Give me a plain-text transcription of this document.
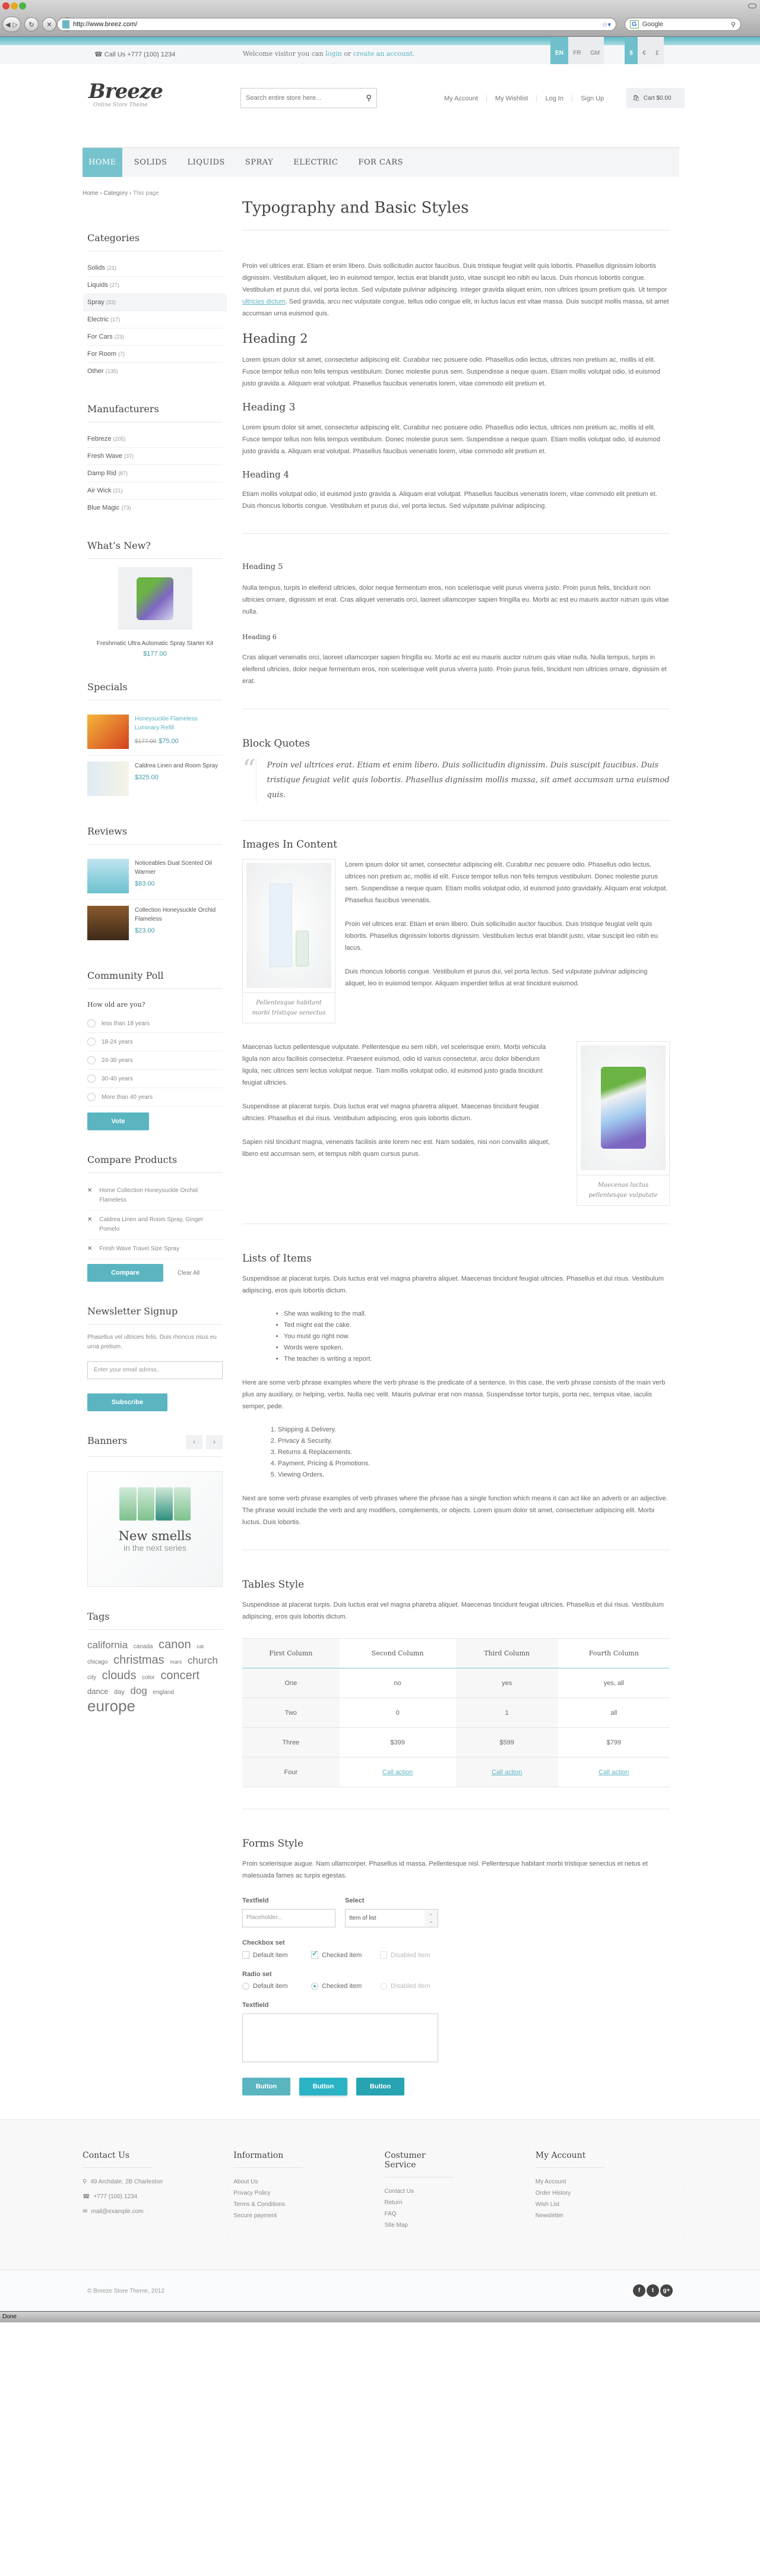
◀ ▷	↻	✕	http://www.breez.com/	☆▾	G Google	⚲
☎ Call Us +777 (100) 1234	Welcome visitor you can login or create an account.	EN	FR	GM	$	€	£
Breeze
Online Store Theme
Search entire store here...	⚲	My Account	My Wishlist	Log In	Sign Up	🛍 Cart $0.00
HOME	SOLIDS	LIQUIDS	SPRAY	ELECTRIC	FOR CARS
Home › Category › This page
Categories
Solids (21)
Liquids (27)
Spray (33)
Electric (17)
For Cars (23)
For Room (7)
Other (135)
Manufacturers
Febreze (205)
Fresh Wave (37)
Damp Rid (87)
Air Wick (21)
Blue Magic (73)
What’s New?
Freshmatic Ultra Automatic Spray Starter Kit
$177.00
Specials
Honeysuckle Flameless Luminary Refill
$177.00 $75.00
Caldrea Linen and Room Spray
$325.00
Reviews
Noticeables Dual Scented Oil Warmer
$83.00
Collection Honeysuckle Orchid Flameless
$23.00
Community Poll
How old are you?
less than 18 years
18-24 years
24-30 years
30-40 years
More than 40 years
Vote
Compare Products
✕ Home Collection Honeysuckle Orchid Flameless
✕ Caldrea Linen and Room Spray, Ginger Pomelo
✕ Fresh Wave Travel Size Spray
Compare	Clear All
Newsletter Signup
Phasellus vel ultricies felis. Duis rhoncus risus eu urna pretium.
Enter your email adress..
Subscribe
Banners	‹	›
New smells
in the next series
Tags
california canada canon cat chicago christmas mars church city clouds color concert dance day dog england europe
Typography and Basic Styles

Proin vel ultrices erat. Etiam et enim libero. Duis sollicitudin auctor faucibus. Duis tristique feugiat velit quis lobortis. Phasellus dignissim lobortis dignissim. Vestibulum aliquet, leo in euismod tempor, lectus erat blandit justo, vitae suscipit leo nibh eu lacus. Duis rhoncus lobortis congue. Vestibulum et purus dui, vel porta lectus. Sed vulputate pulvinar adipiscing. Integer gravida aliquet enim, non ultrices ipsum pretium quis. Ut tempor ultricies dictum. Sed gravida, arcu nec vulputate congue, tellus odio congue elit, in luctus lacus est vitae massa. Duis suscipit mollis massa, sit amet accumsan urna euismod quis.

Heading 2

Lorem ipsum dolor sit amet, consectetur adipiscing elit. Curabitur nec posuere odio. Phasellus odio lectus, ultrices non pretium ac, mollis id elit. Fusce tempor tellus non felis tempus vestibulum. Donec molestie purus sem. Suspendisse a neque quam. Etiam mollis volutpat odio, id euismod justo gravida a. Aliquam erat volutpat. Phasellus faucibus venenatis lorem, vitae commodo elit pretium et.

Heading 3

Lorem ipsum dolor sit amet, consectetur adipiscing elit. Curabitur nec posuere odio. Phasellus odio lectus, ultrices non pretium ac, mollis id elit. Fusce tempor tellus non felis tempus vestibulum. Donec molestie purus sem. Suspendisse a neque quam. Etiam mollis volutpat odio, id euismod justo gravida a. Aliquam erat volutpat. Phasellus faucibus venenatis lorem, vitae commodo elit pretium et.

Heading 4

Etiam mollis volutpat odio, id euismod justo gravida a. Aliquam erat volutpat. Phasellus faucibus venenatis lorem, vitae commodo elit pretium et. Duis rhoncus lobortis congue. Vestibulum et purus dui, vel porta lectus. Sed vulputate pulvinar adipiscing.

Heading 5

Nulla tempus, turpis in eleifend ultricies, dolor neque fermentum eros, non scelerisque velit purus viverra justo. Proin purus felis, tincidunt non ultricies ornare, dignissim et erat. Cras aliquet venenatis orci, laoreet ullamcorper sapien fringilla eu. Morbi ac est eu mauris auctor rutrum quis vitae nulla.

Heading 6

Cras aliquet venenatis orci, laoreet ullamcorper sapien fringilla eu. Morbi ac est eu mauris auctor rutrum quis vitae nulla. Nulla tempus, turpis in eleifend ultricies, dolor neque fermentum eros, non scelerisque velit purus viverra justo. Proin purus felis, tincidunt non ultricies ornare, dignissim et erat.

Block Quotes
“	Proin vel ultrices erat. Etiam et enim libero. Duis sollicitudin dignissim. Duis suscipit faucibus. Duis tristique feugiat velit quis lobortis. Phasellus dignissim mollis massa, sit amet accumsan urna euismod quis.
Images In Content
Pellentesque habitant morbi tristique senectus

Lorem ipsum dolor sit amet, consectetur adipiscing elit. Curabitur nec posuere odio. Phasellus odio lectus, ultrices non pretium ac, mollis id elit. Fusce tempor tellus non felis tempus vestibulum. Donec molestie purus sem. Suspendisse a neque quam. Etiam mollis volutpat odio, id euismod justo gravidakly. Aliquam erat volutpat. Phasellus faucibus venenatis.

Proin vel ultrices erat. Etiam et enim libero. Duis sollicitudin auctor faucibus. Duis tristique feugiat velit quis lobortis. Phasellus dignissim lobortis dignissim. Vestibulum lectus erat blandit justo, vitae suscipit leo nibh eu lacus.

Duis rhoncus lobortis congue. Vestibulum et purus dui, vel porta lectus. Sed vulputate pulvinar adipiscing aliquet, leo in euismod tempor. Aliquam imperdiet tellus at erat tincidunt euismod.

Maecenas luctus pellentesque vulputate. Pellentesque eu sem nibh, vel scelerisque enim. Morbi vehicula ligula non arcu facilisis consectetur. Praesent euismod, odio id varius consectetur, arcu dolor bibendum ligula, nec ultrices sem lectus volutpat neque. Tiam mollis volutpat odio, id euismod justo grada tincidunt feugiat ultricies.

Suspendisse at placerat turpis. Duis luctus erat vel magna pharetra aliquet. Maecenas tincidunt feugiat ultricies. Phasellus et dui risus. Vestibulum adipiscing, eros quis lobortis dictum.

Sapien nisl tincidunt magna, venenatis facilisis ante lorem nec est. Nam sodales, nisi non convallis aliquet, libero est accumsan sem, et tempus nibh quam cursus purus.

Maecenas luctus pellentesque vulputate
Lists of Items

Suspendisse at placerat turpis. Duis luctus erat vel magna pharetra aliquet. Maecenas tincidunt feugiat ultricies. Phasellus et dui risus. Vestibulum adipiscing, eros quis lobortis dictum.

• She was walking to the mall.
• Ted might eat the cake.
• You must go right now.
• Words were spoken.
• The teacher is writing a report.

Here are some verb phrase examples where the verb phrase is the predicate of a sentence. In this case, the verb phrase consists of the main verb plus any auxiliary, or helping, verbs. Nulla nec velit. Mauris pulvinar erat non massa. Suspendisse tortor turpis, porta nec, tempus vitae, iaculis semper, pede.

1. Shipping & Delivery.
2. Privacy & Security.
3. Returns & Replacements.
4. Payment, Pricing & Promotions.
5. Viewing Orders.

Next are some verb phrase examples of verb phrases where the phrase has a single function which means it can act like an adverb or an adjective. The phrase would include the verb and any modifiers, complements, or objects. Lorem ipsum dolor sit amet, consectetuer adipiscing elit. Morbi luctus. Duis lobortis.

Tables Style

Suspendisse at placerat turpis. Duis luctus erat vel magna pharetra aliquet. Maecenas tincidunt feugiat ultricies. Phasellus et dui risus. Vestibulum adipiscing, eros quis lobortis dictum.

First Column	Second Column	Third Column	Fourth Column
One	no	yes	yes, all
Two	0	1	all
Three	$399	$599	$799
Four	Call action	Call action	Call action
Forms Style

Proin scelerisque augue. Nam ullamcorper. Phasellus id massa. Pellentesque nisl. Pellentesque habitant morbi tristique senectus et netus et malesuada fames ac turpis egestas.

Textfield
Placeholder...
Select
Item of list	⌃
⌄
Checkbox set
Default item ✓	Checked item	Disabled item
Radio set
Default item	Checked item	Disabled item
Textfield
Button	Button	Button
Contact Us
⚲ 49 Archdale, 2B Charleston
☎ +777 (100) 1234
✉ mail@example.com
Information
About Us
Privacy Policy
Terms & Conditions
Secure payment
Costumer Service
Contact Us
Return
FAQ
Site Map
My Account
My Account
Order History
Wish List
Newsletter
© Breeze Store Theme, 2012	f	t	g+
Done
